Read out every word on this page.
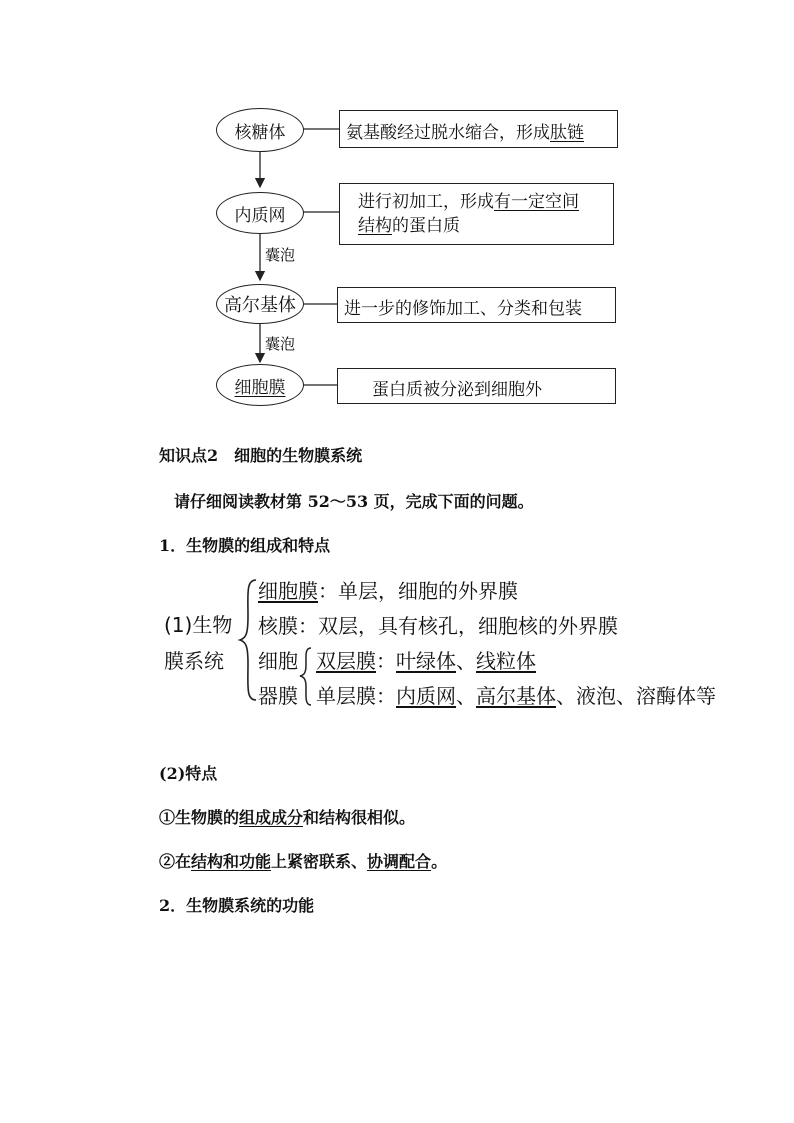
核糖体	氨基酸经过脱水缩合，形成肽链
内质网
进行初加工，形成有一定空间
结构的蛋白质
囊泡
高尔基体	进一步的修饰加工、分类和包装
囊泡
细胞膜	蛋白质被分泌到细胞外
知识点2　细胞的生物膜系统
请仔细阅读教材第 52～53 页，完成下面的问题。
1．生物膜的组成和特点
(1)生物
膜系统
细胞膜：单层，细胞的外界膜
核膜：双层，具有核孔，细胞核的外界膜
细胞
器膜
双层膜：叶绿体、线粒体
单层膜：内质网、高尔基体、液泡、溶酶体等
(2)特点
①生物膜的组成成分和结构很相似。
②在结构和功能上紧密联系、协调配合。
2．生物膜系统的功能
